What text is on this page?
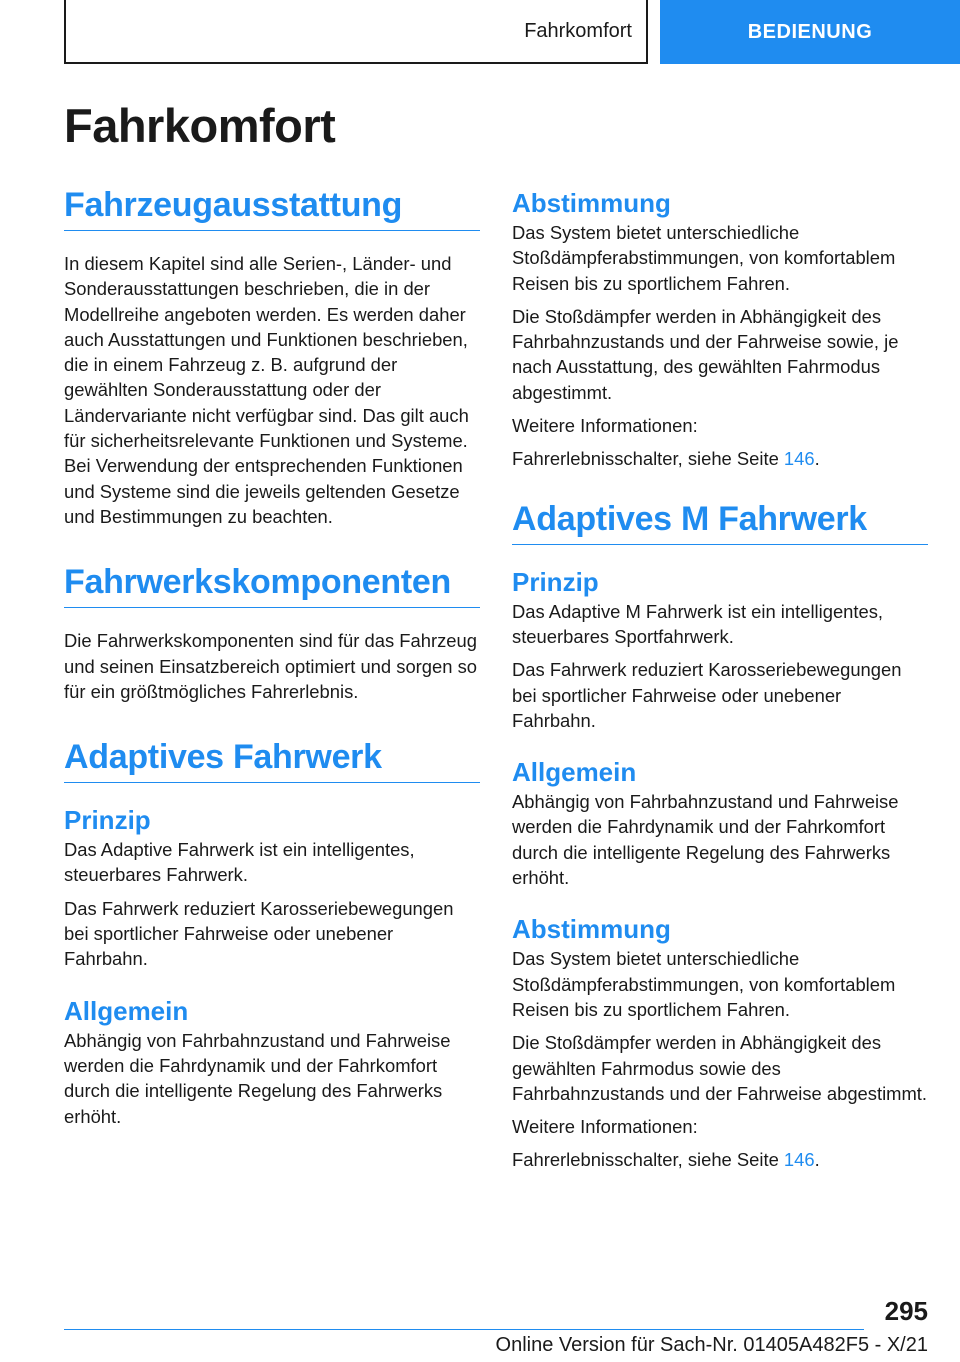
Fahrkomfort	BEDIENUNG
Fahrkomfort
Fahrzeugausstattung

In diesem Kapitel sind alle Serien-, Länder- und Sonderausstattungen beschrieben, die in der Modellreihe angeboten werden. Es werden daher auch Ausstattungen und Funktionen beschrieben, die in einem Fahrzeug z. B. aufgrund der gewählten Sonderausstattung oder der Ländervariante nicht verfügbar sind. Das gilt auch für sicherheitsrelevante Funktionen und Systeme. Bei Verwendung der entsprechenden Funktionen und Systeme sind die jeweils geltenden Gesetze und Bestimmungen zu beachten.

Fahrwerkskomponenten

Die Fahrwerkskomponenten sind für das Fahrzeug und seinen Einsatzbereich optimiert und sorgen so für ein größtmögliches Fahrerlebnis.

Adaptives Fahrwerk
Prinzip

Das Adaptive Fahrwerk ist ein intelligentes, steuerbares Fahrwerk.

Das Fahrwerk reduziert Karosseriebewegungen bei sportlicher Fahrweise oder unebener Fahrbahn.

Allgemein

Abhängig von Fahrbahnzustand und Fahrweise werden die Fahrdynamik und der Fahrkomfort durch die intelligente Regelung des Fahrwerks erhöht.

Abstimmung

Das System bietet unterschiedliche Stoßdämpferabstimmungen, von komfortablem Reisen bis zu sportlichem Fahren.

Die Stoßdämpfer werden in Abhängigkeit des Fahrbahnzustands und der Fahrweise sowie, je nach Ausstattung, des gewählten Fahrmodus abgestimmt.

Weitere Informationen:

Fahrerlebnisschalter, siehe Seite 146.

Adaptives M Fahrwerk
Prinzip

Das Adaptive M Fahrwerk ist ein intelligentes, steuerbares Sportfahrwerk.

Das Fahrwerk reduziert Karosseriebewegungen bei sportlicher Fahrweise oder unebener Fahrbahn.

Allgemein

Abhängig von Fahrbahnzustand und Fahrweise werden die Fahrdynamik und der Fahrkomfort durch die intelligente Regelung des Fahrwerks erhöht.

Abstimmung

Das System bietet unterschiedliche Stoßdämpferabstimmungen, von komfortablem Reisen bis zu sportlichem Fahren.

Die Stoßdämpfer werden in Abhängigkeit des gewählten Fahrmodus sowie des Fahrbahnzustands und der Fahrweise abgestimmt.

Weitere Informationen:

Fahrerlebnisschalter, siehe Seite 146.

295
Online Version für Sach-Nr. 01405A482F5 - X/21
